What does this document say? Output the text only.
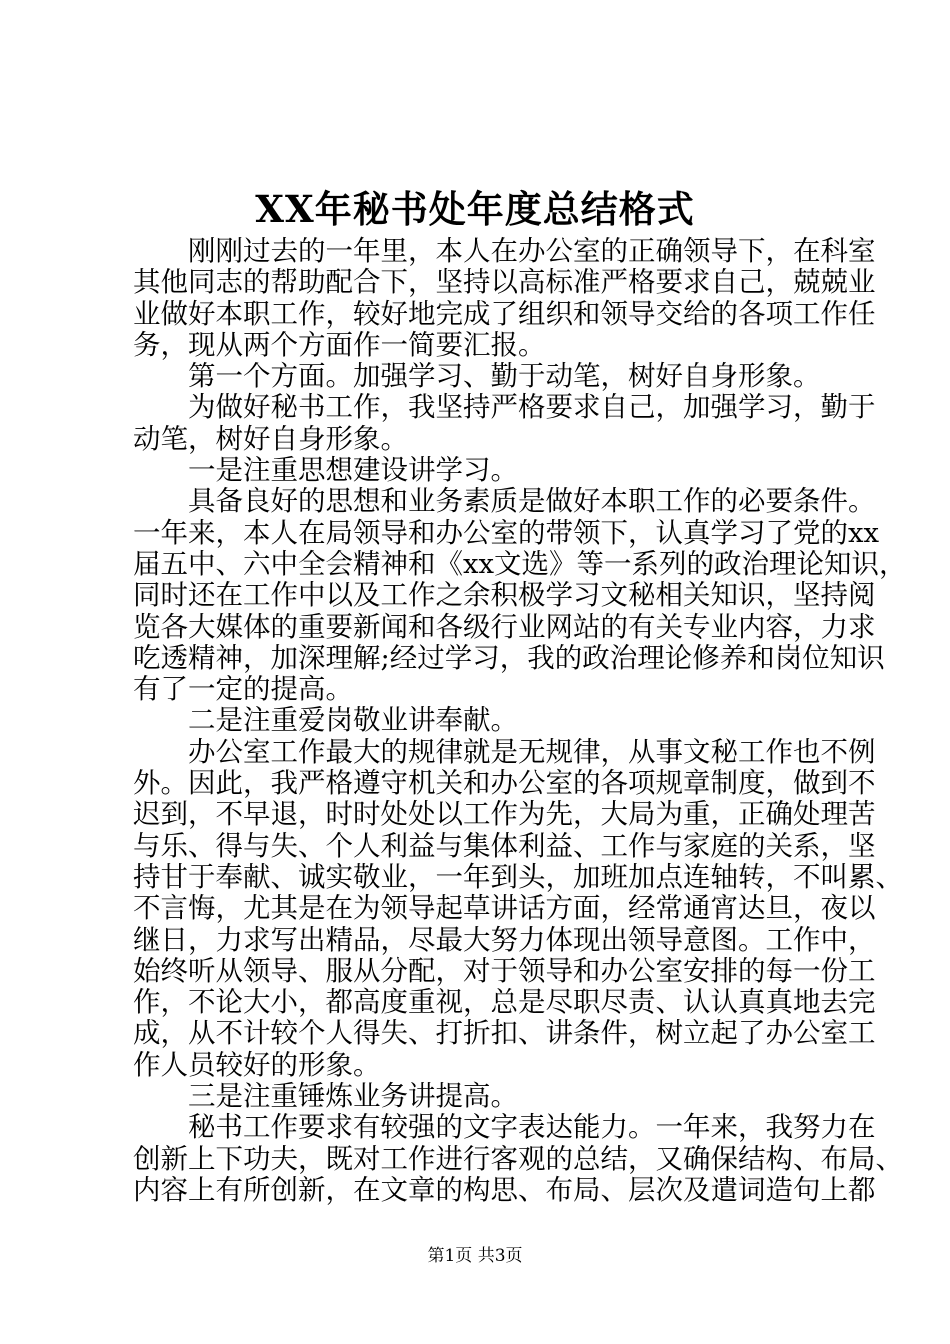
XX年秘书处年度总结格式
刚刚过去的一年里，本人在办公室的正确领导下，在科室
其他同志的帮助配合下，坚持以高标准严格要求自己，兢兢业
业做好本职工作，较好地完成了组织和领导交给的各项工作任
务，现从两个方面作一简要汇报。
第一个方面。加强学习、勤于动笔，树好自身形象。
为做好秘书工作，我坚持严格要求自己，加强学习，勤于
动笔，树好自身形象。
一是注重思想建设讲学习。
具备良好的思想和业务素质是做好本职工作的必要条件。
一年来，本人在局领导和办公室的带领下，认真学习了党的xx
届五中、六中全会精神和《xx文选》等一系列的政治理论知识，
同时还在工作中以及工作之余积极学习文秘相关知识，坚持阅
览各大媒体的重要新闻和各级行业网站的有关专业内容，力求
吃透精神，加深理解;经过学习，我的政治理论修养和岗位知识
有了一定的提高。
二是注重爱岗敬业讲奉献。
办公室工作最大的规律就是无规律，从事文秘工作也不例
外。因此，我严格遵守机关和办公室的各项规章制度，做到不
迟到，不早退，时时处处以工作为先，大局为重，正确处理苦
与乐、得与失、个人利益与集体利益、工作与家庭的关系，坚
持甘于奉献、诚实敬业，一年到头，加班加点连轴转，不叫累、
不言悔，尤其是在为领导起草讲话方面，经常通宵达旦，夜以
继日，力求写出精品，尽最大努力体现出领导意图。工作中，
始终听从领导、服从分配，对于领导和办公室安排的每一份工
作，不论大小，都高度重视，总是尽职尽责、认认真真地去完
成，从不计较个人得失、打折扣、讲条件，树立起了办公室工
作人员较好的形象。
三是注重锤炼业务讲提高。
秘书工作要求有较强的文字表达能力。一年来，我努力在
创新上下功夫，既对工作进行客观的总结，又确保结构、布局、
内容上有所创新，在文章的构思、布局、层次及遣词造句上都
第1页 共3页
